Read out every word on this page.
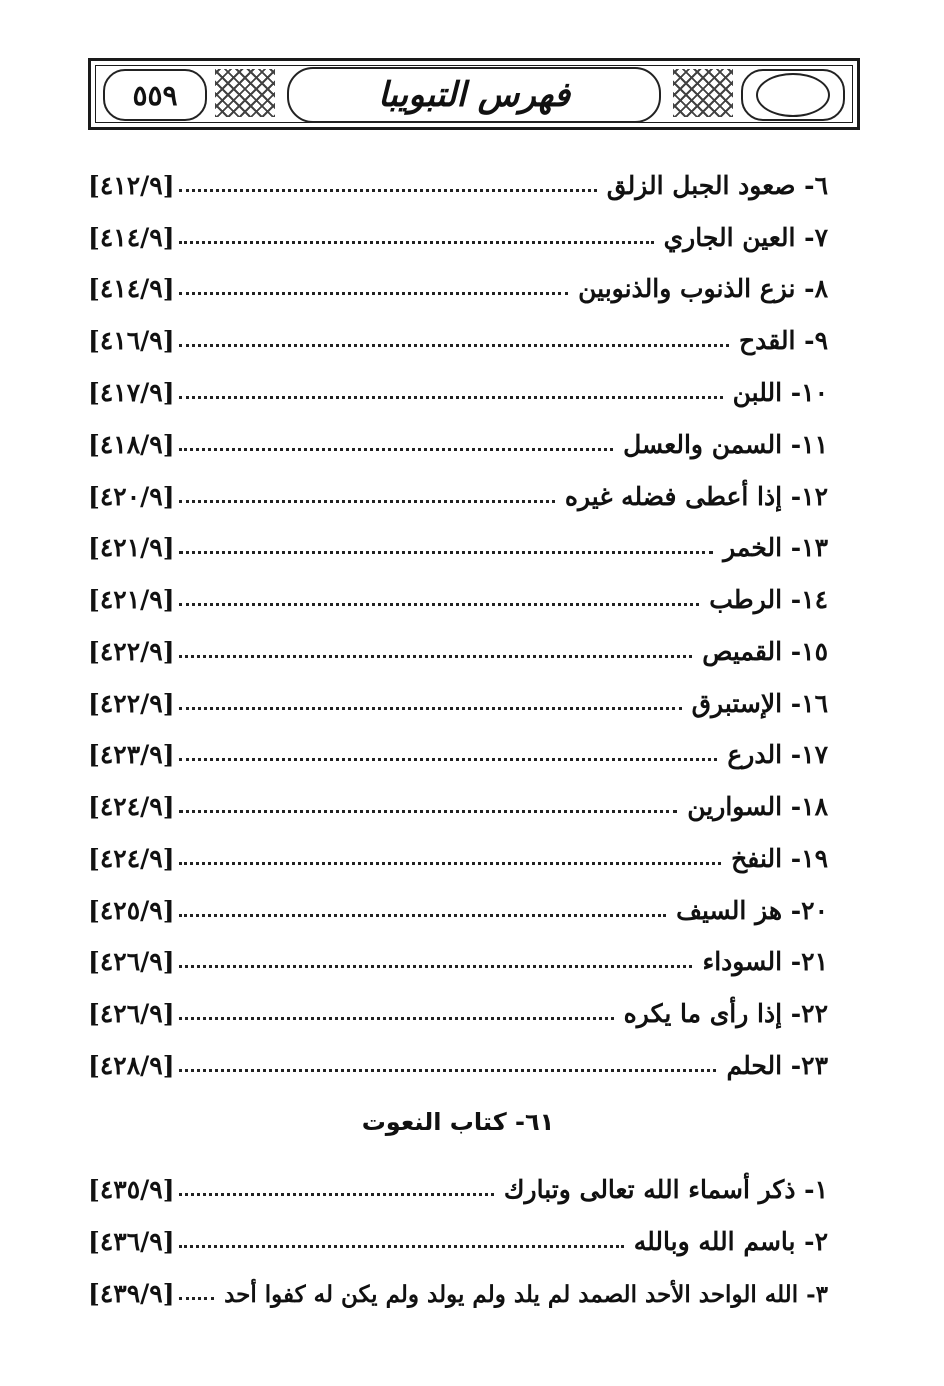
٥٥٩	فهرس التبويبا
٦- صعود الجبل الزلق
[٤١٢/٩]
٧- العين الجاري
[٤١٤/٩]
٨- نزع الذنوب والذنوبين
[٤١٤/٩]
٩- القدح
[٤١٦/٩]
١٠- اللبن
[٤١٧/٩]
١١- السمن والعسل
[٤١٨/٩]
١٢- إذا أعطى فضله غيره
[٤٢٠/٩]
١٣- الخمر
[٤٢١/٩]
١٤- الرطب
[٤٢١/٩]
١٥- القميص
[٤٢٢/٩]
١٦- الإستبرق
[٤٢٢/٩]
١٧- الدرع
[٤٢٣/٩]
١٨- السوارين
[٤٢٤/٩]
١٩- النفخ
[٤٢٤/٩]
٢٠- هز السيف
[٤٢٥/٩]
٢١- السوداء
[٤٢٦/٩]
٢٢- إذا رأى ما يكره
[٤٢٦/٩]
٢٣- الحلم
[٤٢٨/٩]
٦١- كتاب النعوت
١- ذكر أسماء الله تعالى وتبارك
[٤٣٥/٩]
٢- باسم الله وبالله
[٤٣٦/٩]
٣- الله الواحد الأحد الصمد لم يلد ولم يولد ولم يكن له كفوا أحد
[٤٣٩/٩]
